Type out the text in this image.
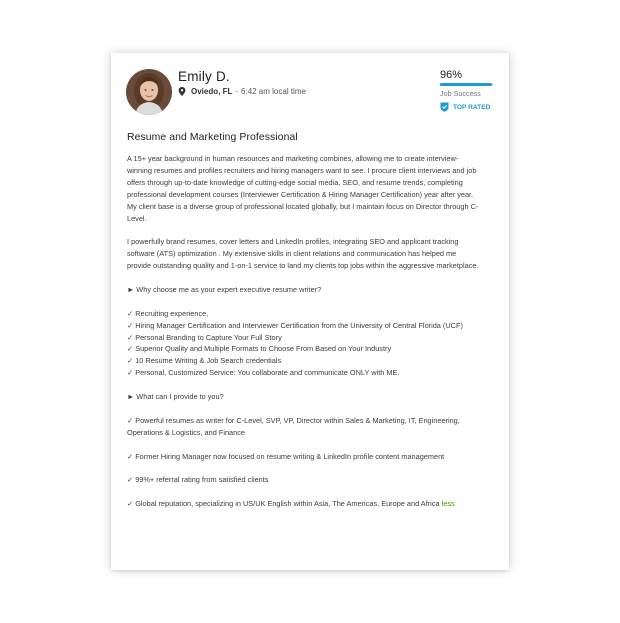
Emily D.
Oviedo, FL - 6:42 am local time
96%
Job Success
TOP RATED
Resume and Marketing Professional

A 15+ year background in human resources and marketing combines, allowing me to create interview-winning resumes and profiles recruiters and hiring managers want to see. I procure client interviews and job offers through up-to-date knowledge of cutting-edge social media, SEO, and resume trends, completing professional development courses (Interviewer Certification & Hiring Manager Certification) year after year. My client base is a diverse group of professional located globally, but I maintain focus on Director through C-Level.

I powerfully brand resumes, cover letters and LinkedIn profiles, integrating SEO and applicant tracking software (ATS) optimization . My extensive skills in client relations and communication has helped me provide outstanding quality and 1-on-1 service to land my clients top jobs within the aggressive marketplace.

► Why choose me as your expert executive resume writer?

✓ Recruiting experience,

✓ Hiring Manager Certification and Interviewer Certification from the University of Central Florida (UCF)

✓ Personal Branding to Capture Your Full Story

✓ Superior Quality and Multiple Formats to Choose From Based on Your Industry

✓ 10 Resume Writing & Job Search credentials

✓ Personal, Customized Service: You collaborate and communicate ONLY with ME.

► What can I provide to you?

✓ Powerful resumes as writer for C-Level, SVP, VP, Director within Sales & Marketing, IT, Engineering, Operations & Logistics, and Finance

✓ Former Hiring Manager now focused on resume writing & LinkedIn profile content management

✓ 99%+ referral rating from satisfied clients

✓ Global reputation, specializing in US/UK English within Asia, The Americas, Europe and Africa less
